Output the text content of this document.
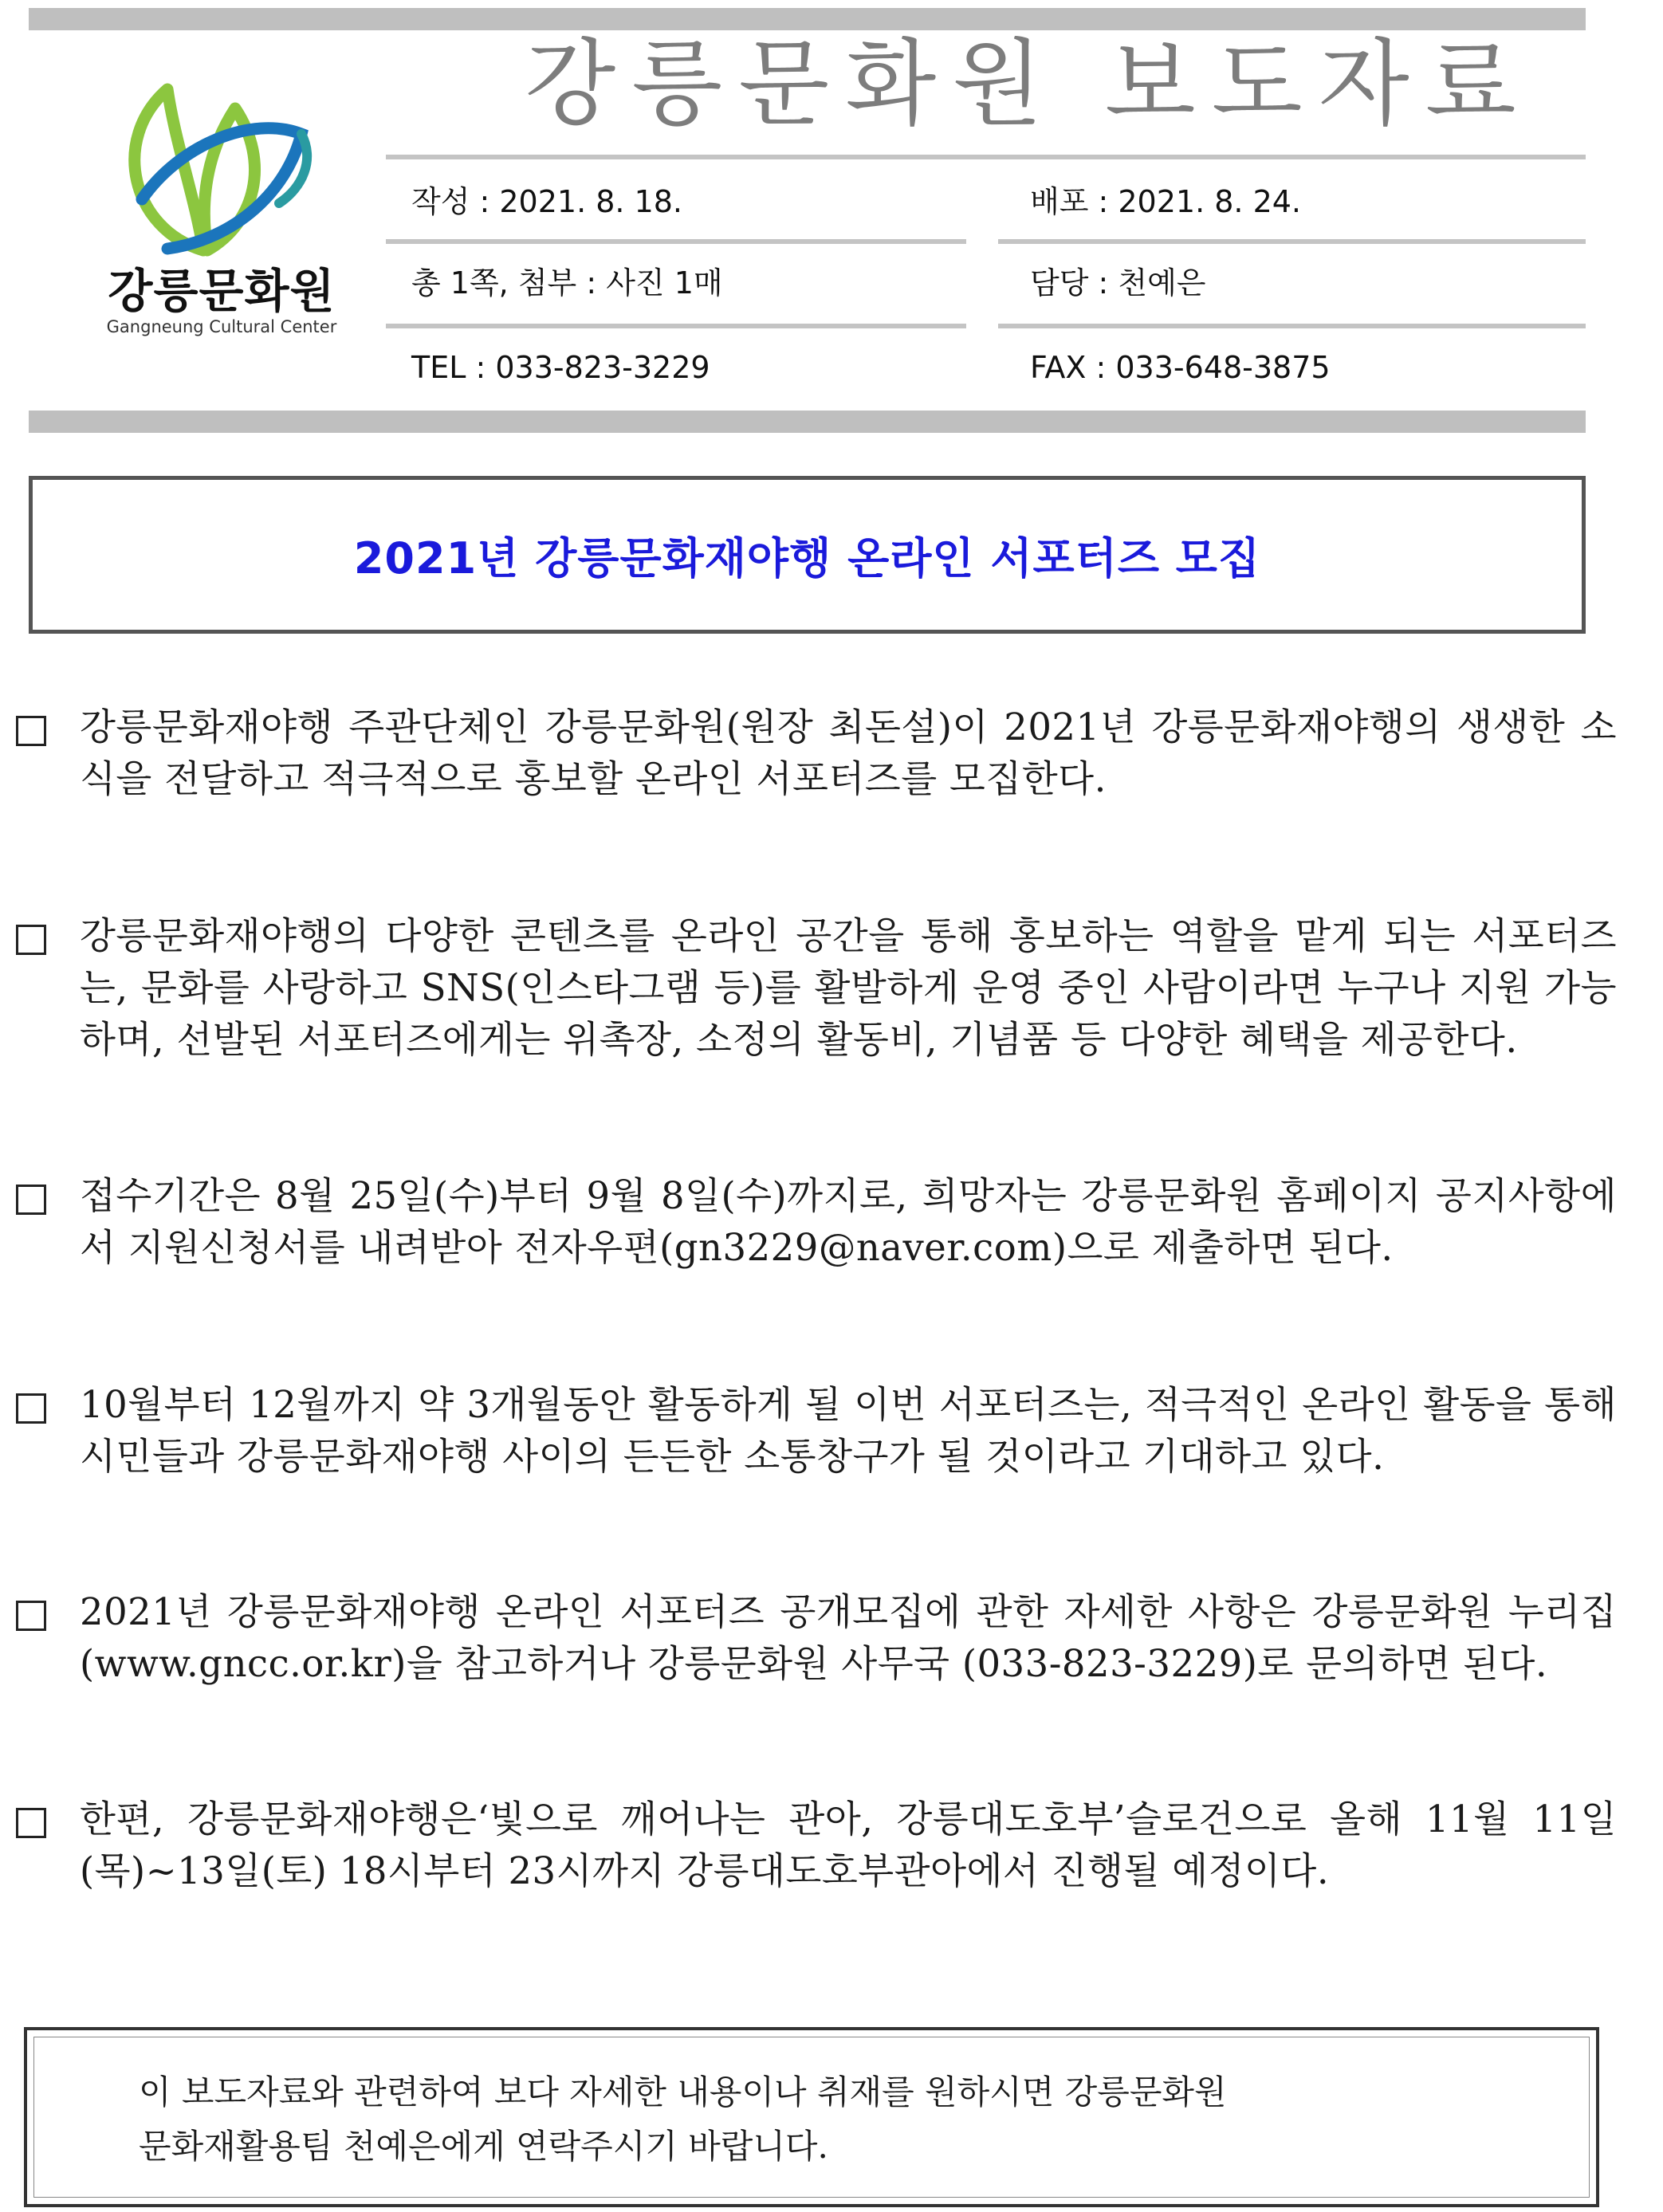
강릉문화원
Gangneung Cultural Center
강릉문화원 보도자료
작성 : 2021. 8. 18.	배포 : 2021. 8. 24.
총 1쪽, 첨부 : 사진 1매	담당 : 천예은
TEL : 033-823-3229	FAX : 033-648-3875
2021년 강릉문화재야행 온라인 서포터즈 모집
강릉문화재야행 주관단체인 강릉문화원(원장 최돈설)이 2021년 강릉문화재야행의 생생한 소식을 전달하고 적극적으로 홍보할 온라인 서포터즈를 모집한다.
강릉문화재야행의 다양한 콘텐츠를 온라인 공간을 통해 홍보하는 역할을 맡게 되는 서포터즈는, 문화를 사랑하고 SNS(인스타그램 등)를 활발하게 운영 중인 사람이라면 누구나 지원 가능하며, 선발된 서포터즈에게는 위촉장, 소정의 활동비, 기념품 등 다양한 혜택을 제공한다.
접수기간은 8월 25일(수)부터 9월 8일(수)까지로, 희망자는 강릉문화원 홈페이지 공지사항에서 지원신청서를 내려받아 전자우편(gn3229@naver.com)으로 제출하면 된다.
10월부터 12월까지 약 3개월동안 활동하게 될 이번 서포터즈는, 적극적인 온라인 활동을 통해 시민들과 강릉문화재야행 사이의 든든한 소통창구가 될 것이라고 기대하고 있다.
2021년 강릉문화재야행 온라인 서포터즈 공개모집에 관한 자세한 사항은 강릉문화원 누리집(www.gncc.or.kr)을 참고하거나 강릉문화원 사무국 (033-823-3229)로 문의하면 된다.
한편, 강릉문화재야행은‘빛으로 깨어나는 관아, 강릉대도호부’슬로건으로 올해 11월 11일(목)~13일(토) 18시부터 23시까지 강릉대도호부관아에서 진행될 예정이다.
이 보도자료와 관련하여 보다 자세한 내용이나 취재를 원하시면 강릉문화원
문화재활용팀 천예은에게 연락주시기 바랍니다.
